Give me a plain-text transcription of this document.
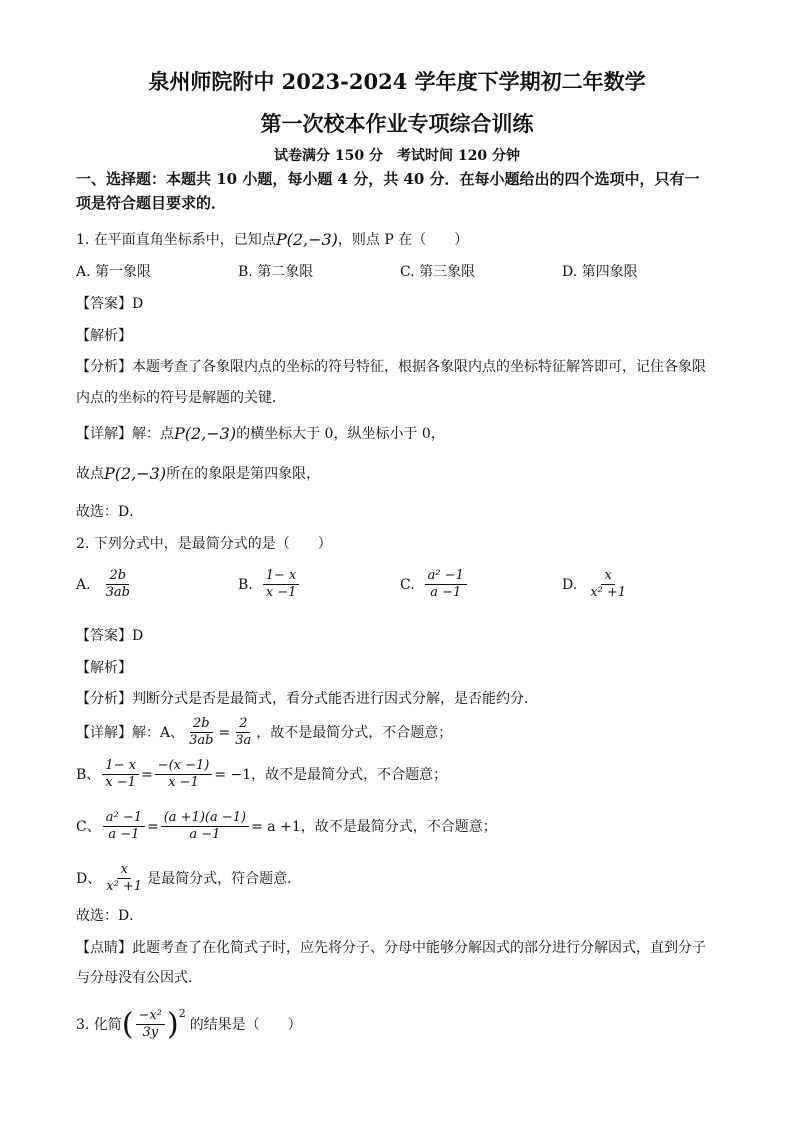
泉州师院附中 2023-2024 学年度下学期初二年数学
第一次校本作业专项综合训练
试卷满分 150 分　考试时间 120 分钟
一、选择题：本题共 10 小题，每小题 4 分，共 40 分．在每小题给出的四个选项中，只有一
项是符合题目要求的．
1. 在平面直角坐标系中，已知点 P(2,−3) ，则点 P 在（　　）
A. 第一象限	B. 第二象限	C. 第三象限	D. 第四象限
【答案】D
【解析】
【分析】本题考查了各象限内点的坐标的符号特征，根据各象限内点的坐标特征解答即可，记住各象限
内点的坐标的符号是解题的关键．
【详解】解：点 P(2,−3) 的横坐标大于 0，纵坐标小于 0，
故点 P(2,−3) 所在的象限是第四象限，
故选：D．
2. 下列分式中，是最简分式的是（　　）
A. $\frac{2b}{3ab}$	B. $\frac{1- x}{x -1}$	C. $\frac{\text{a² −1}}{a -1}$	D. $\frac{x}{\text{x² +1}}$
【答案】D
【解析】
【分析】判断分式是否是最简式，看分式能否进行因式分解，是否能约分．
【详解】解：A、 $\frac{2b}{3ab} = \frac{2}{3a}$ ，故不是最简分式，不合题意；
B、 $\frac{1- x}{x -1} = \frac{-(x -1)}{x -1} = -1$，故不是最简分式，不合题意；
C、 $\frac{\text{a² −1}}{a -1} = \frac{(a +1)(a -1)}{a -1} = a +1$，故不是最简分式，不合题意；
D、 $\frac{x}{\text{x² +1}}$ 是最简分式，符合题意．
故选：D．
【点睛】此题考查了在化简式子时，应先将分子、分母中能够分解因式的部分进行分解因式，直到分子
与分母没有公因式．
3. 化简 ( $\frac{\text{−x²}}{3y}$ ) 2
的结果是（　　）
